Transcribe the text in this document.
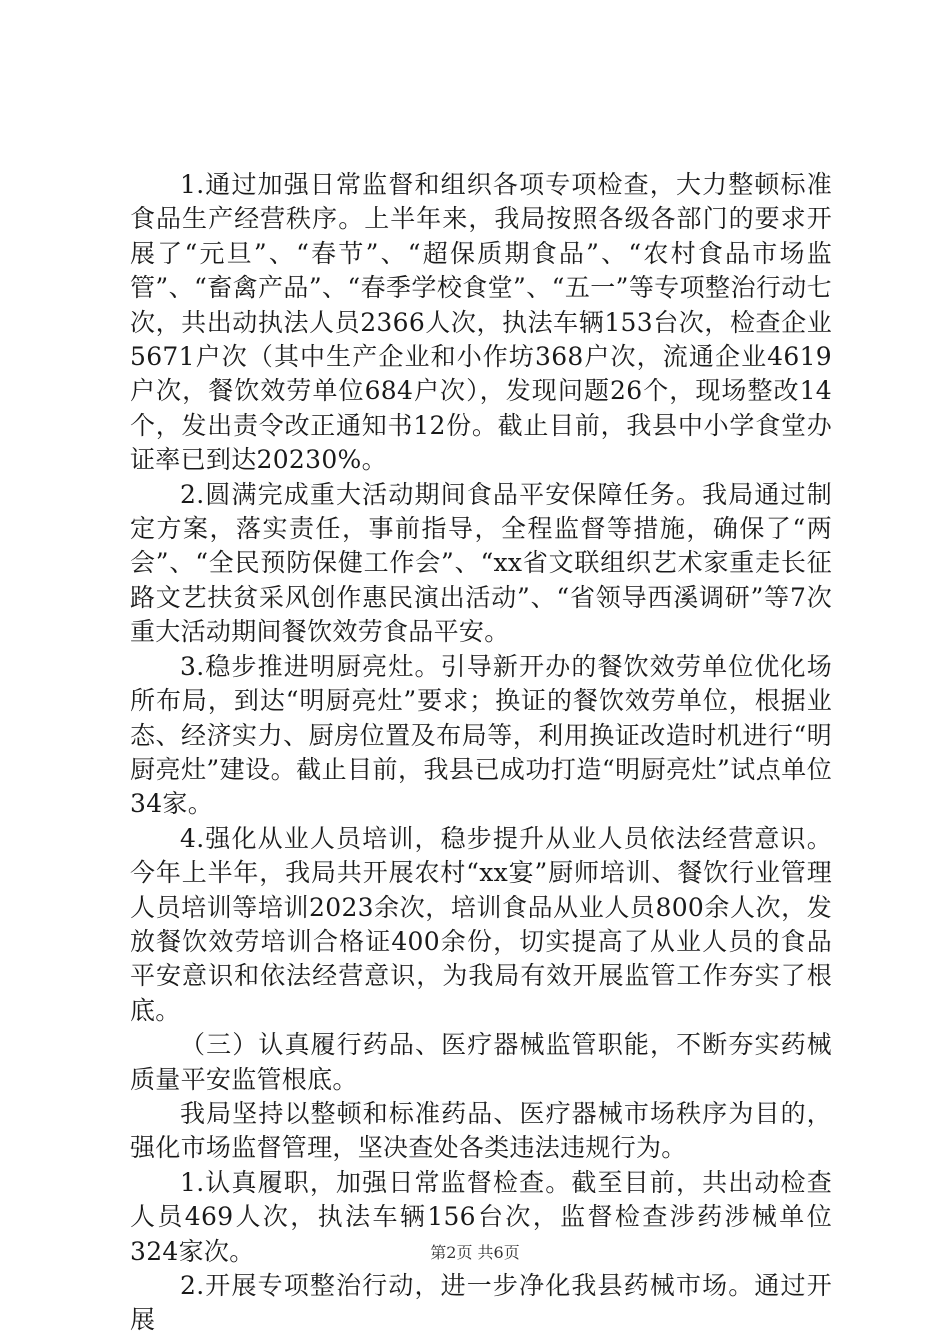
1.通过加强日常监督和组织各项专项检查，大力整顿标准食品生产经营秩序。上半年来，我局按照各级各部门的要求开展了“元旦”、“春节”、“超保质期食品”、“农村食品市场监管”、“畜禽产品”、“春季学校食堂”、“五一”等专项整治行动七次，共出动执法人员2366人次，执法车辆153台次，检查企业5671户次（其中生产企业和小作坊368户次，流通企业4619户次，餐饮效劳单位684户次），发现问题26个，现场整改14个，发出责令改正通知书12份。截止目前，我县中小学食堂办证率已到达20230%。

2.圆满完成重大活动期间食品平安保障任务。我局通过制定方案，落实责任，事前指导，全程监督等措施，确保了“两会”、“全民预防保健工作会”、“xx省文联组织艺术家重走长征路文艺扶贫采风创作惠民演出活动”、“省领导西溪调研”等7次重大活动期间餐饮效劳食品平安。

3.稳步推进明厨亮灶。引导新开办的餐饮效劳单位优化场所布局，到达“明厨亮灶”要求；换证的餐饮效劳单位，根据业态、经济实力、厨房位置及布局等，利用换证改造时机进行“明厨亮灶”建设。截止目前，我县已成功打造“明厨亮灶”试点单位34家。

4.强化从业人员培训，稳步提升从业人员依法经营意识。今年上半年，我局共开展农村“xx宴”厨师培训、餐饮行业管理人员培训等培训2023余次，培训食品从业人员800余人次，发放餐饮效劳培训合格证400余份，切实提高了从业人员的食品平安意识和依法经营意识，为我局有效开展监管工作夯实了根底。

（三）认真履行药品、医疗器械监管职能，不断夯实药械质量平安监管根底。

我局坚持以整顿和标准药品、医疗器械市场秩序为目的，强化市场监督管理，坚决查处各类违法违规行为。

1.认真履职，加强日常监督检查。截至目前，共出动检查人员469人次，执法车辆156台次，监督检查涉药涉械单位324家次。

2.开展专项整治行动，进一步净化我县药械市场。通过开展

第2页 共6页
